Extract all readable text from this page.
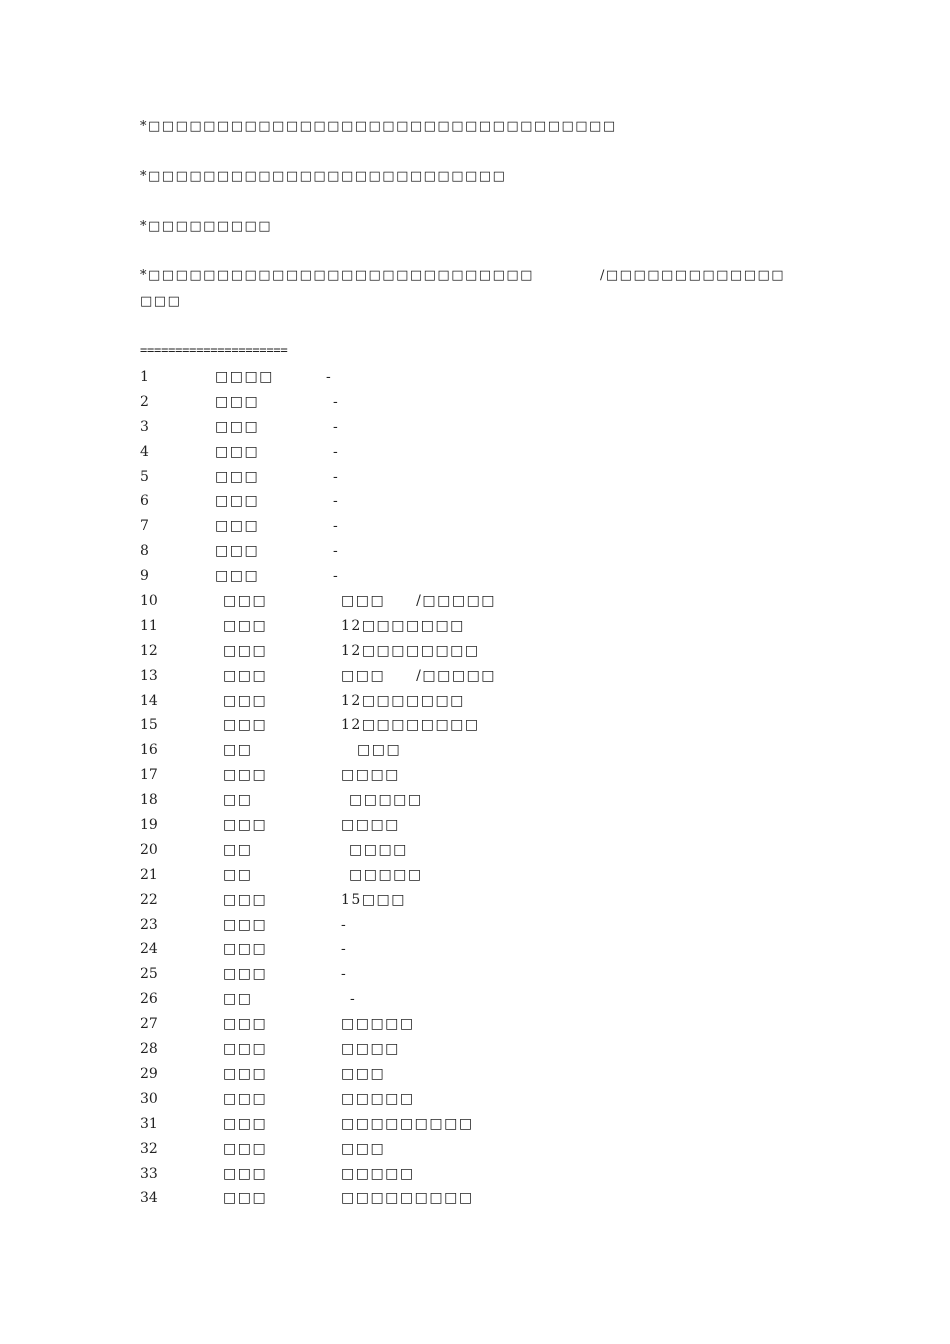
*□□□□□□□□□□□□□□□□□□□□□□□□□□□□□□□□□□
*□□□□□□□□□□□□□□□□□□□□□□□□□□
*□□□□□□□□□
*□□□□□□□□□□□□□□□□□□□□□□□□□□□□	/□□□□□□□□□□□□□
□□□
=====================
1	□□□□	-
2	□□□	-
3	□□□	-
4	□□□	-
5	□□□	-
6	□□□	-
7	□□□	-
8	□□□	-
9	□□□	-
10	□□□	□□□　　/□□□□□
11	□□□	12□□□□□□□
12	□□□	12□□□□□□□□
13	□□□	□□□　　/□□□□□
14	□□□	12□□□□□□□
15	□□□	12□□□□□□□□
16	□□	□□□
17	□□□	□□□□
18	□□	□□□□□
19	□□□	□□□□
20	□□	□□□□
21	□□	□□□□□
22	□□□	15□□□
23	□□□	-
24	□□□	-
25	□□□	-
26	□□	-
27	□□□	□□□□□
28	□□□	□□□□
29	□□□	□□□
30	□□□	□□□□□
31	□□□	□□□□□□□□□
32	□□□	□□□
33	□□□	□□□□□
34	□□□	□□□□□□□□□
